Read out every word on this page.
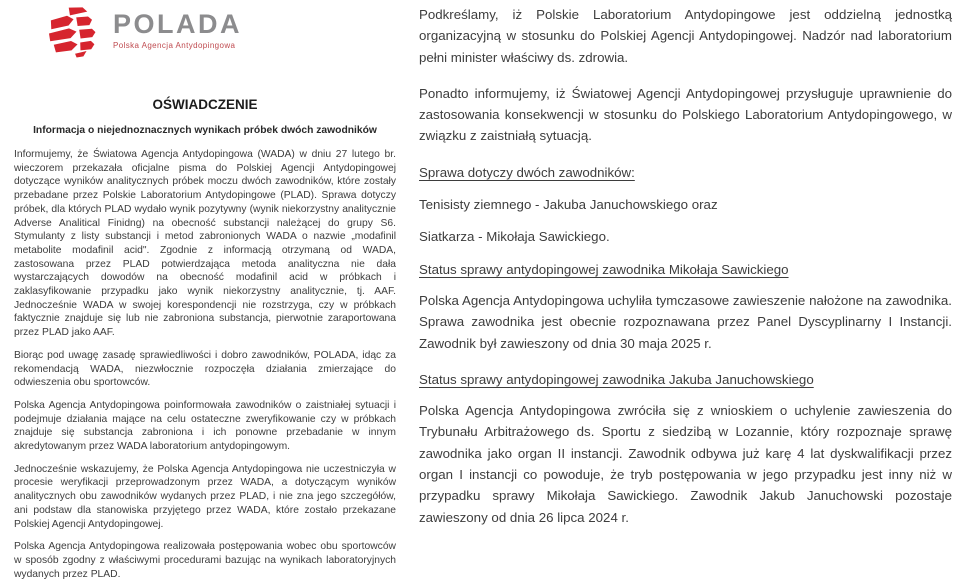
POLADA
Polska Agencja Antydopingowa
OŚWIADCZENIE
Informacja o niejednoznacznych wynikach próbek dwóch zawodników

Informujemy, że Światowa Agencja Antydopingowa (WADA) w dniu 27 lutego br. wieczorem przekazała oficjalne pisma do Polskiej Agencji Antydopingowej dotyczące wyników analitycznych próbek moczu dwóch zawodników, które zostały przebadane przez Polskie Laboratorium Antydopingowe (PLAD). Sprawa dotyczy próbek, dla których PLAD wydało wynik pozytywny (wynik niekorzystny analitycznie Adverse Analitical Finidng) na obecność substancji należącej do grupy S6. Stymulanty z listy substancji i metod zabronionych WADA o nazwie „modafinil metabolite modafinil acid". Zgodnie z informacją otrzymaną od WADA, zastosowana przez PLAD potwierdzająca metoda analityczna nie dała wystarczających dowodów na obecność modafinil acid w próbkach i zaklasyfikowanie przypadku jako wynik niekorzystny analitycznie, tj. AAF. Jednocześnie WADA w swojej korespondencji nie rozstrzyga, czy w próbkach faktycznie znajduje się lub nie zabroniona substancja, pierwotnie zaraportowana przez PLAD jako AAF.

Biorąc pod uwagę zasadę sprawiedliwości i dobro zawodników, POLADA, idąc za rekomendacją WADA, niezwłocznie rozpoczęła działania zmierzające do odwieszenia obu sportowców.

Polska Agencja Antydopingowa poinformowała zawodników o zaistniałej sytuacji i podejmuje działania mające na celu ostateczne zweryfikowanie czy w próbkach znajduje się substancja zabroniona i ich ponowne przebadanie w innym akredytowanym przez WADA laboratorium antydopingowym.

Jednocześnie wskazujemy, że Polska Agencja Antydopingowa nie uczestniczyła w procesie weryfikacji przeprowadzonym przez WADA, a dotyczącym wyników analitycznych obu zawodników wydanych przez PLAD, i nie zna jego szczegółów, ani podstaw dla stanowiska przyjętego przez WADA, które zostało przekazane Polskiej Agencji Antydopingowej.

Polska Agencja Antydopingowa realizowała postępowania wobec obu sportowców w sposób zgodny z właściwymi procedurami bazując na wynikach laboratoryjnych wydanych przez PLAD.

Podkreślamy, iż Polskie Laboratorium Antydopingowe jest oddzielną jednostką organizacyjną w stosunku do Polskiej Agencji Antydopingowej. Nadzór nad laboratorium pełni minister właściwy ds. zdrowia.

Ponadto informujemy, iż Światowej Agencji Antydopingowej przysługuje uprawnienie do zastosowania konsekwencji w stosunku do Polskiego Laboratorium Antydopingowego, w związku z zaistniałą sytuacją.

Sprawa dotyczy dwóch zawodników:
Tenisisty ziemnego - Jakuba Januchowskiego oraz
Siatkarza - Mikołaja Sawickiego.
Status sprawy antydopingowej zawodnika Mikołaja Sawickiego

Polska Agencja Antydopingowa uchyliła tymczasowe zawieszenie nałożone na zawodnika. Sprawa zawodnika jest obecnie rozpoznawana przez Panel Dyscyplinarny I Instancji. Zawodnik był zawieszony od dnia 30 maja 2025 r.

Status sprawy antydopingowej zawodnika Jakuba Januchowskiego

Polska Agencja Antydopingowa zwróciła się z wnioskiem o uchylenie zawieszenia do Trybunału Arbitrażowego ds. Sportu z siedzibą w Lozannie, który rozpoznaje sprawę zawodnika jako organ II instancji. Zawodnik odbywa już karę 4 lat dyskwalifikacji przez organ I instancji co powoduje, że tryb postępowania w jego przypadku jest inny niż w przypadku sprawy Mikołaja Sawickiego. Zawodnik Jakub Januchowski pozostaje zawieszony od dnia 26 lipca 2024 r.
